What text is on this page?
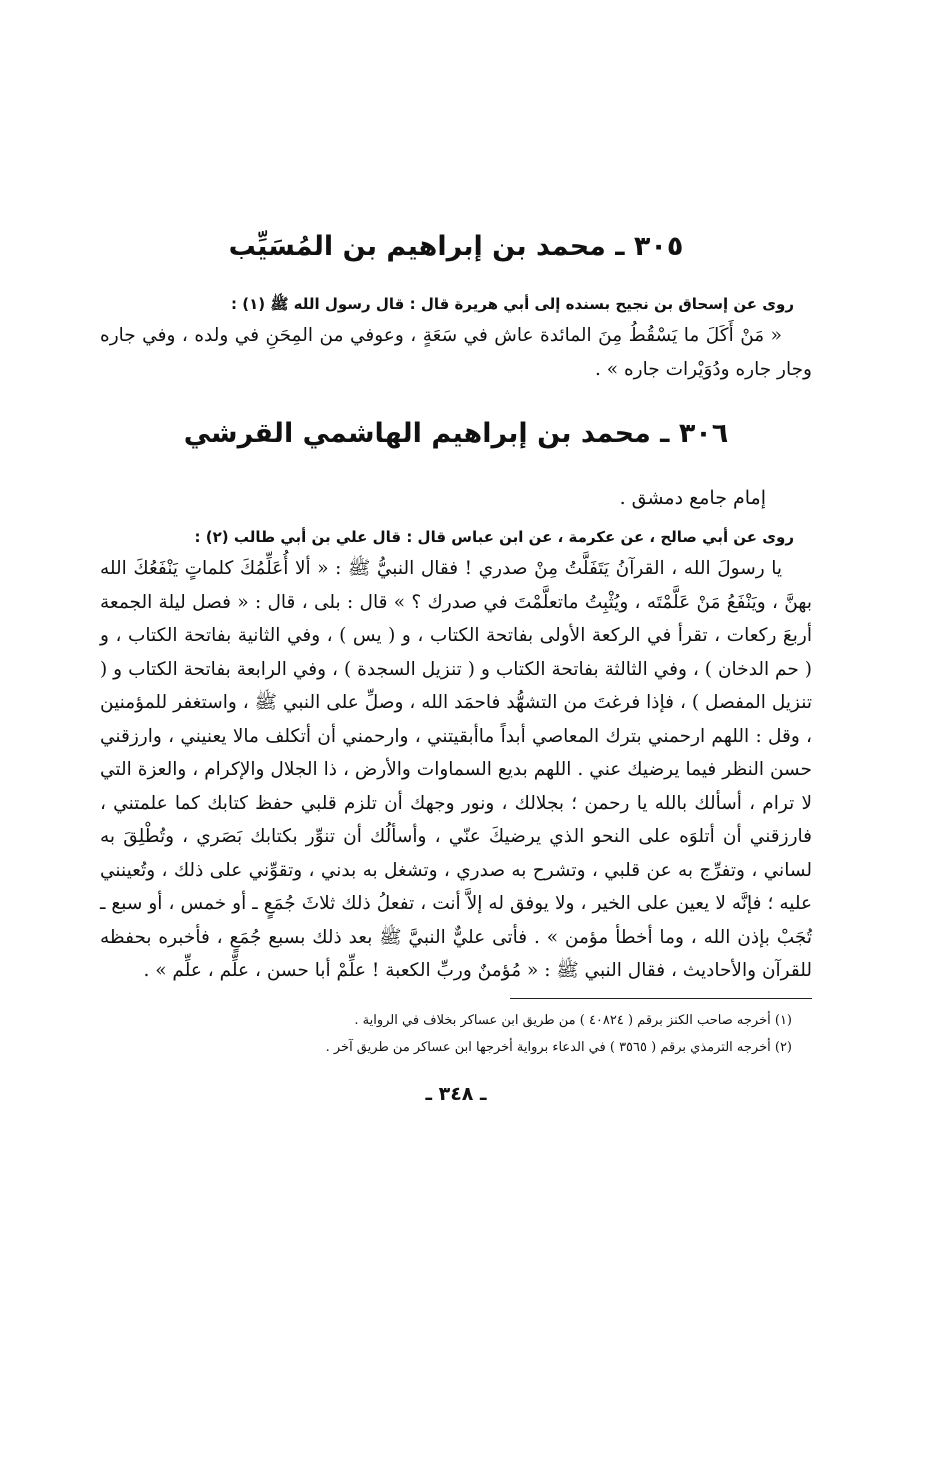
٣٠٥ ـ محمد بن إبراهيم بن المُسَيِّب

روى عن إسحاق بن نجيح بسنده إلى أبي هريرة قال : قال رسول الله ﷺ (١) :

« مَنْ أَكَلَ ما يَسْقُطُ مِنَ المائدة عاش في سَعَةٍ ، وعوفي من المِحَنِ في ولده ، وفي جاره وجار جاره ودُوَيْرات جاره » .

٣٠٦ ـ محمد بن إبراهيم الهاشمي القرشي

إمام جامع دمشق .

روى عن أبي صالح ، عن عكرمة ، عن ابن عباس قال : قال علي بن أبي طالب (٢) :

يا رسولَ الله ، القرآنُ يَتَفَلَّتُ مِنْ صدري ! فقال النبيُّ ﷺ : « ألا أُعَلِّمُكَ كلماتٍ يَنْفَعُكَ الله بهنَّ ، ويَنْفَعُ مَنْ عَلَّمْتَه ، ويُثْبِتُ ماتعلَّمْتَ في صدرك ؟ » قال : بلى ، قال : « فصل ليلة الجمعة أربعَ ركعات ، تقرأ في الركعة الأولى بفاتحة الكتاب ، و ( يس ) ، وفي الثانية بفاتحة الكتاب ، و ( حم الدخان ) ، وفي الثالثة بفاتحة الكتاب و ( تنزيل السجدة ) ، وفي الرابعة بفاتحة الكتاب و ( تنزيل المفصل ) ، فإذا فرغتَ من التشهُّد فاحمَد الله ، وصلِّ على النبي ﷺ ، واستغفر للمؤمنين ، وقل : اللهم ارحمني بترك المعاصي أبداً ماأبقيتني ، وارحمني أن أتكلف مالا يعنيني ، وارزقني حسن النظر فيما يرضيك عني . اللهم بديع السماوات والأرض ، ذا الجلال والإكرام ، والعزة التي لا ترام ، أسألك بالله يا رحمن ؛ بجلالك ، ونور وجهك أن تلزم قلبي حفظ كتابك كما علمتني ، فارزقني أن أتلوَه على النحو الذي يرضيكَ عنّي ، وأسألُك أن تنوِّر بكتابك بَصَري ، وتُطْلِقَ به لساني ، وتفرِّج به عن قلبي ، وتشرح به صدري ، وتشغل به بدني ، وتقوِّني على ذلك ، وتُعينني عليه ؛ فإنَّه لا يعين على الخير ، ولا يوفق له إلاَّ أنت ، تفعلُ ذلك ثلاثَ جُمَعٍ ـ أو خمس ، أو سبع ـ تُجَبْ بإذن الله ، وما أخطأ مؤمن » . فأتى عليٌّ النبيَّ ﷺ بعد ذلك بسبع جُمَعٍ ، فأخبره بحفظه للقرآن والأحاديث ، فقال النبي ﷺ : « مُؤمنٌ وربِّ الكعبة ! علِّمْ أبا حسن ، علِّم ، علِّم » .

(١) أخرجه صاحب الكنز برقم ( ٤٠٨٢٤ ) من طريق ابن عساكر بخلاف في الرواية .
(٢) أخرجه الترمذي برقم ( ٣٥٦٥ ) في الدعاء برواية أخرجها ابن عساكر من طريق آخر .
ـ ٣٤٨ ـ
